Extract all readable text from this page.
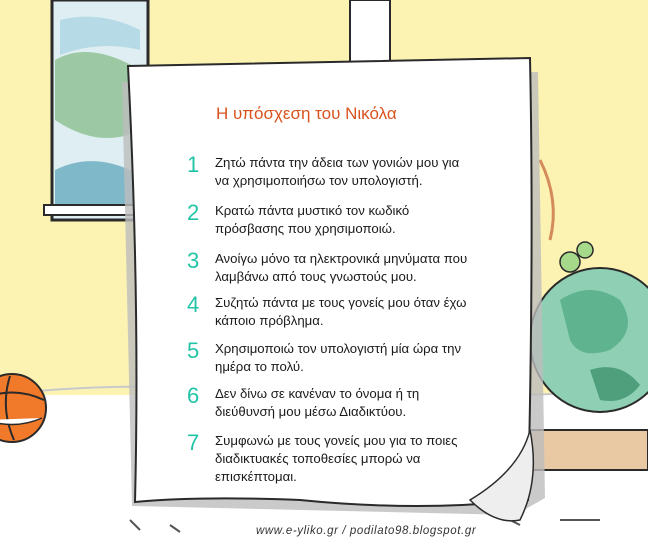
Η υπόσχεση του Νικόλα
1	Ζητώ πάντα την άδεια των γονιών μου για να χρησιμοποιήσω τον υπολογιστή.
2	Κρατώ πάντα μυστικό τον κωδικό πρόσβασης που χρησιμοποιώ.
3	Ανοίγω μόνο τα ηλεκτρονικά μηνύματα που λαμβάνω από τους γνωστούς μου.
4	Συζητώ πάντα με τους γονείς μου όταν έχω κάποιο πρόβλημα.
5	Χρησιμοποιώ τον υπολογιστή μία ώρα την ημέρα το πολύ.
6	Δεν δίνω σε κανέναν το όνομα ή τη διεύθυνσή μου μέσω Διαδικτύου.
7	Συμφωνώ με τους γονείς μου για το ποιες διαδικτυακές τοποθεσίες μπορώ να επισκέπτομαι.
www.e-yliko.gr / podilato98.blogspot.gr
